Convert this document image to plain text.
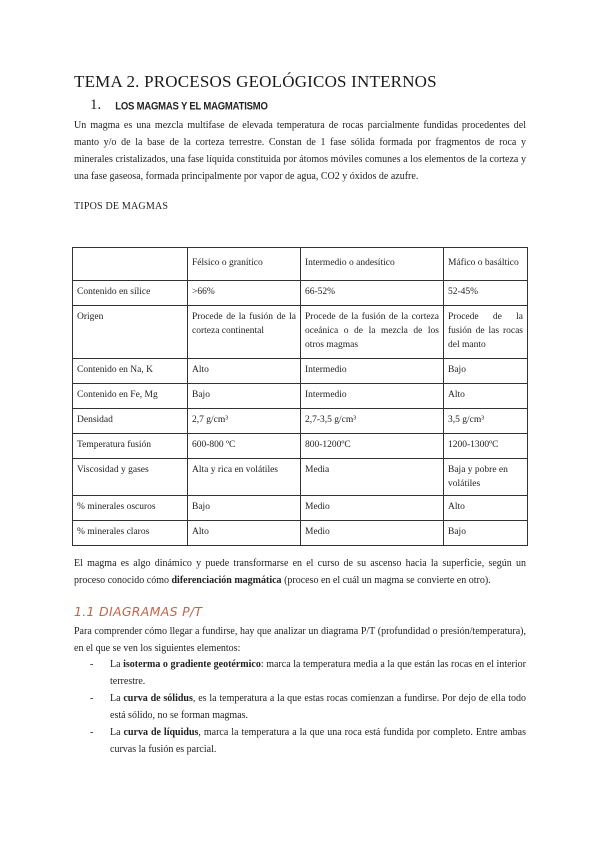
TEMA 2. PROCESOS GEOLÓGICOS INTERNOS
1. LOS MAGMAS Y EL MAGMATISMO
Un magma es una mezcla multifase de elevada temperatura de rocas parcialmente fundidas procedentes del manto y/o de la base de la corteza terrestre. Constan de 1 fase sólida formada por fragmentos de roca y minerales cristalizados, una fase líquida constituida por átomos móviles comunes a los elementos de la corteza y una fase gaseosa, formada principalmente por vapor de agua, CO2 y óxidos de azufre.
TIPOS DE MAGMAS
	Félsico o granítico	Intermedio o andesítico	Máfico o basáltico
Contenido en sílice	>66%	66-52%	52-45%
Origen	Procede de la fusión de la corteza continental	Procede de la fusión de la corteza oceánica o de la mezcla de los otros magmas	Procede de la fusión de las rocas del manto
Contenido en Na, K	Alto	Intermedio	Bajo
Contenido en Fe, Mg	Bajo	Intermedio	Alto
Densidad	2,7 g/cm³	2,7-3,5 g/cm³	3,5 g/cm³
Temperatura fusión	600-800 ºC	800-1200ºC	1200-1300ºC
Viscosidad y gases	Alta y rica en volátiles	Media	Baja y pobre en volátiles
% minerales oscuros	Bajo	Medio	Alto
% minerales claros	Alto	Medio	Bajo
El magma es algo dinámico y puede transformarse en el curso de su ascenso hacia la superficie, según un proceso conocido cómo diferenciación magmática (proceso en el cuál un magma se convierte en otro).
1.1 DIAGRAMAS P/T
Para comprender cómo llegar a fundirse, hay que analizar un diagrama P/T (profundidad o presión/temperatura), en el que se ven los siguientes elementos:
- La isoterma o gradiente geotérmico: marca la temperatura media a la que están las rocas en el interior terrestre.
- La curva de sólidus, es la temperatura a la que estas rocas comienzan a fundirse. Por dejo de ella todo está sólido, no se forman magmas.
- La curva de líquidus, marca la temperatura a la que una roca está fundida por completo. Entre ambas curvas la fusión es parcial.
